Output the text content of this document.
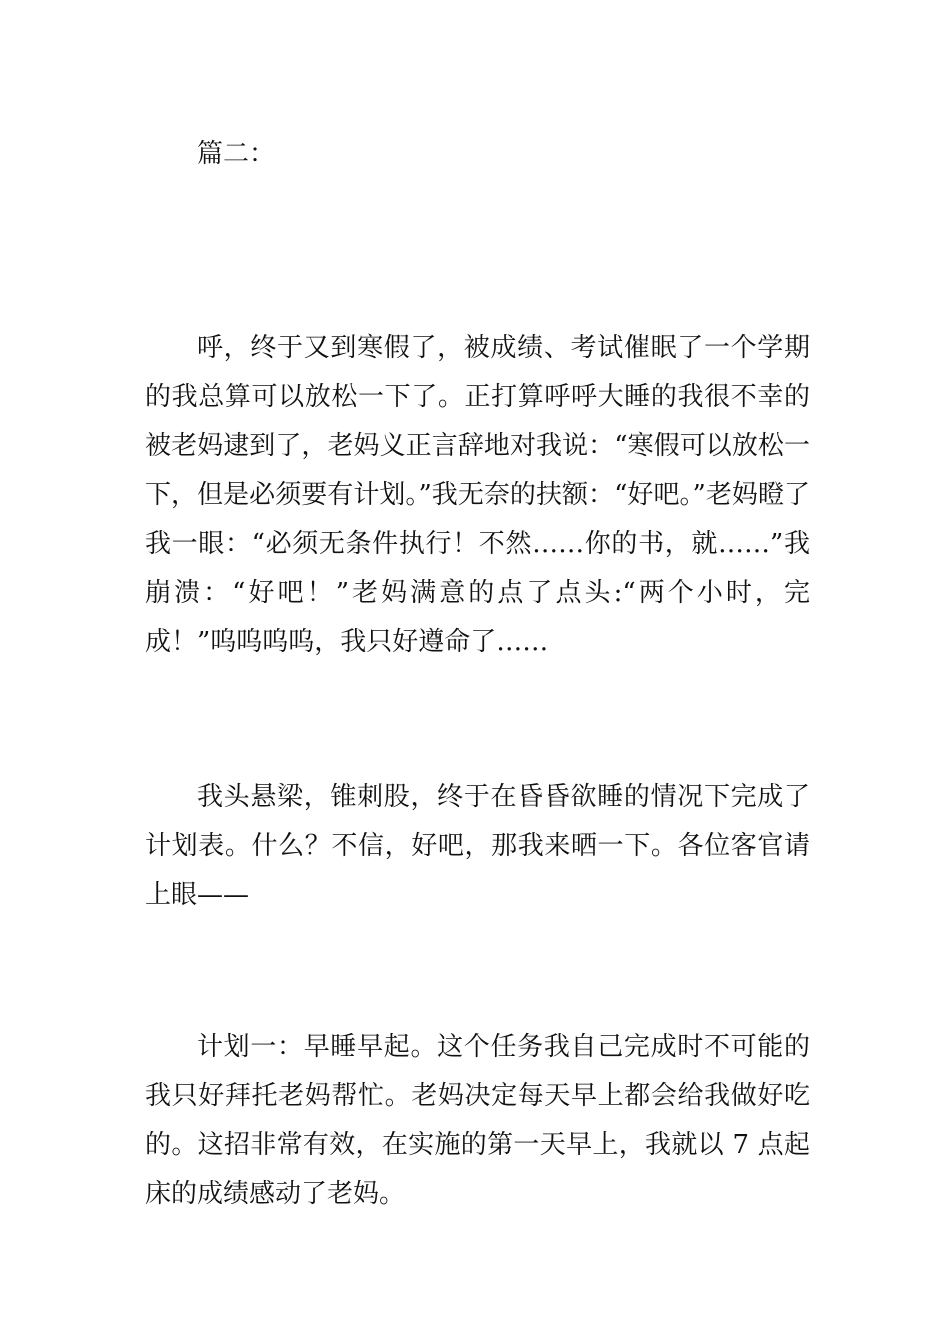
篇二：

呼，终于又到寒假了，被成绩、考试催眠了一个学期的我总算可以放松一下了。正打算呼呼大睡的我很不幸的被老妈逮到了，老妈义正言辞地对我说：“寒假可以放松一下，但是必须要有计划。”我无奈的扶额：“好吧。”老妈瞪了我一眼：“必须无条件执行！不然……你的书，就……”我崩溃：“好吧！”老妈满意的点了点头:“两个小时，完成！”呜呜呜呜，我只好遵命了……

我头悬梁，锥刺股，终于在昏昏欲睡的情况下完成了计划表。什么？不信，好吧，那我来晒一下。各位客官请上眼——

计划一：早睡早起。这个任务我自己完成时不可能的我只好拜托老妈帮忙。老妈决定每天早上都会给我做好吃的。这招非常有效，在实施的第一天早上，我就以 7 点起床的成绩感动了老妈。
